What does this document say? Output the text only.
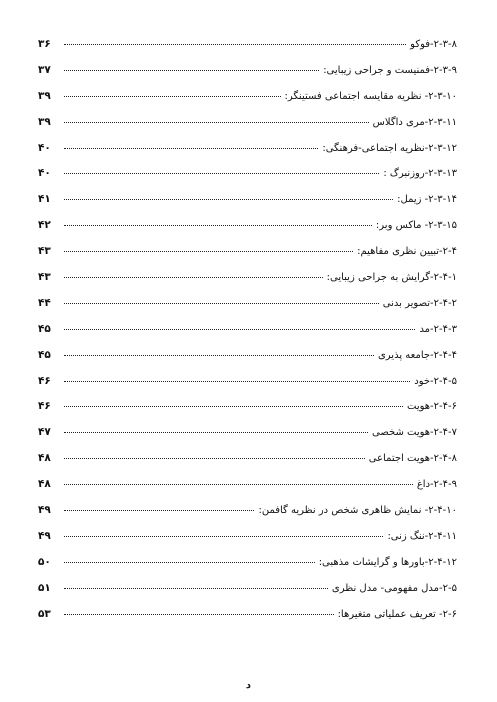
۳۶	۲-۳-۸-فوکو
۳۷	۲-۳-۹-فمنیست و جراحی زیبایی:
۳۹	۲-۳-۱۰- نظریه مقایسه اجتماعی فستینگر:
۳۹	۲-۳-۱۱-مری داگلاس
۴۰	۲-۳-۱۲-نظریه اجتماعی-فرهنگی:
۴۰	۲-۳-۱۳-روزنبرگ :
۴۱	۲-۳-۱۴- زیمل:
۴۲	۲-۳-۱۵- ماکس وبر:
۴۳	۲-۴-تبیین نظری مفاهیم:
۴۳	۲-۴-۱-گرایش به جراحی زیبایی:
۴۴	۲-۴-۲-تصویر بدنی
۴۵	۲-۴-۳-مد
۴۵	۲-۴-۴-جامعه پذیری
۴۶	۲-۴-۵-خود
۴۶	۲-۴-۶-هویت
۴۷	۲-۴-۷-هویت شخصی
۴۸	۲-۴-۸-هویت اجتماعی
۴۸	۲-۴-۹-داغ
۴۹	۲-۴-۱۰- نمایش ظاهری شخص در نظریه گافمن:
۴۹	۲-۴-۱۱-ننگ زنی:
۵۰	۲-۴-۱۲-باورها و گرایشات مذهبی:
۵۱	۲-۵-مدل مفهومی- مدل نظری
۵۳	۲-۶- تعریف عملیاتی متغیرها:
د
